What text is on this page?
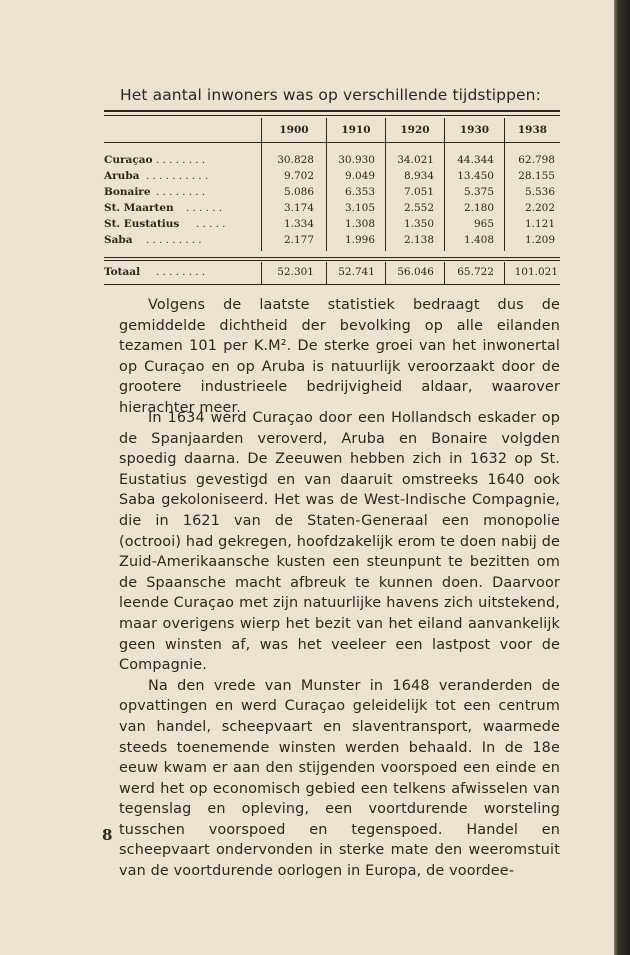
Het aantal inwoners was op verschillende tijdstippen:
1900	1910	1920	1930	1938
Curaçao ........	30.828	30.930	34.021	44.344	62.798
Aruba ..........	9.702	9.049	8.934	13.450	28.155
Bonaire ........	5.086	6.353	7.051	5.375	5.536
St. Maarten ......	3.174	3.105	2.552	2.180	2.202
St. Eustatius .....	1.334	1.308	1.350	965	1.121
Saba .........	2.177	1.996	2.138	1.408	1.209
Totaal ........	52.301	52.741	56.046	65.722	101.021

Volgens de laatste statistiek bedraagt dus de gemiddelde dichtheid der bevolking op alle eilanden tezamen 101 per K.M². De sterke groei van het inwonertal op Curaçao en op Aruba is natuurlijk veroorzaakt door de grootere industrieele bedrijvigheid aldaar, waarover hierachter meer.

In 1634 werd Curaçao door een Hollandsch eskader op de Spanjaarden veroverd, Aruba en Bonaire volgden spoedig daarna. De Zeeuwen hebben zich in 1632 op St. Eustatius gevestigd en van daaruit omstreeks 1640 ook Saba gekoloniseerd. Het was de West-Indische Compagnie, die in 1621 van de Staten-Generaal een monopolie (octrooi) had gekregen, hoofdzakelijk erom te doen nabij de Zuid-Amerikaansche kusten een steunpunt te bezitten om de Spaansche macht afbreuk te kunnen doen. Daarvoor leende Curaçao met zijn natuurlijke havens zich uitstekend, maar overigens wierp het bezit van het eiland aanvankelijk geen winsten af, was het veeleer een lastpost voor de Compagnie.

Na den vrede van Munster in 1648 veranderden de opvattingen en werd Curaçao geleidelijk tot een centrum van handel, scheepvaart en slaventransport, waarmede steeds toenemende winsten werden behaald. In de 18e eeuw kwam er aan den stijgenden voorspoed een einde en werd het op economisch gebied een telkens afwisselen van tegenslag en opleving, een voortdurende worsteling tusschen voorspoed en tegenspoed. Handel en scheepvaart ondervonden in sterke mate den weeromstuit van de voortdurende oorlogen in Europa, de voordee-

8
